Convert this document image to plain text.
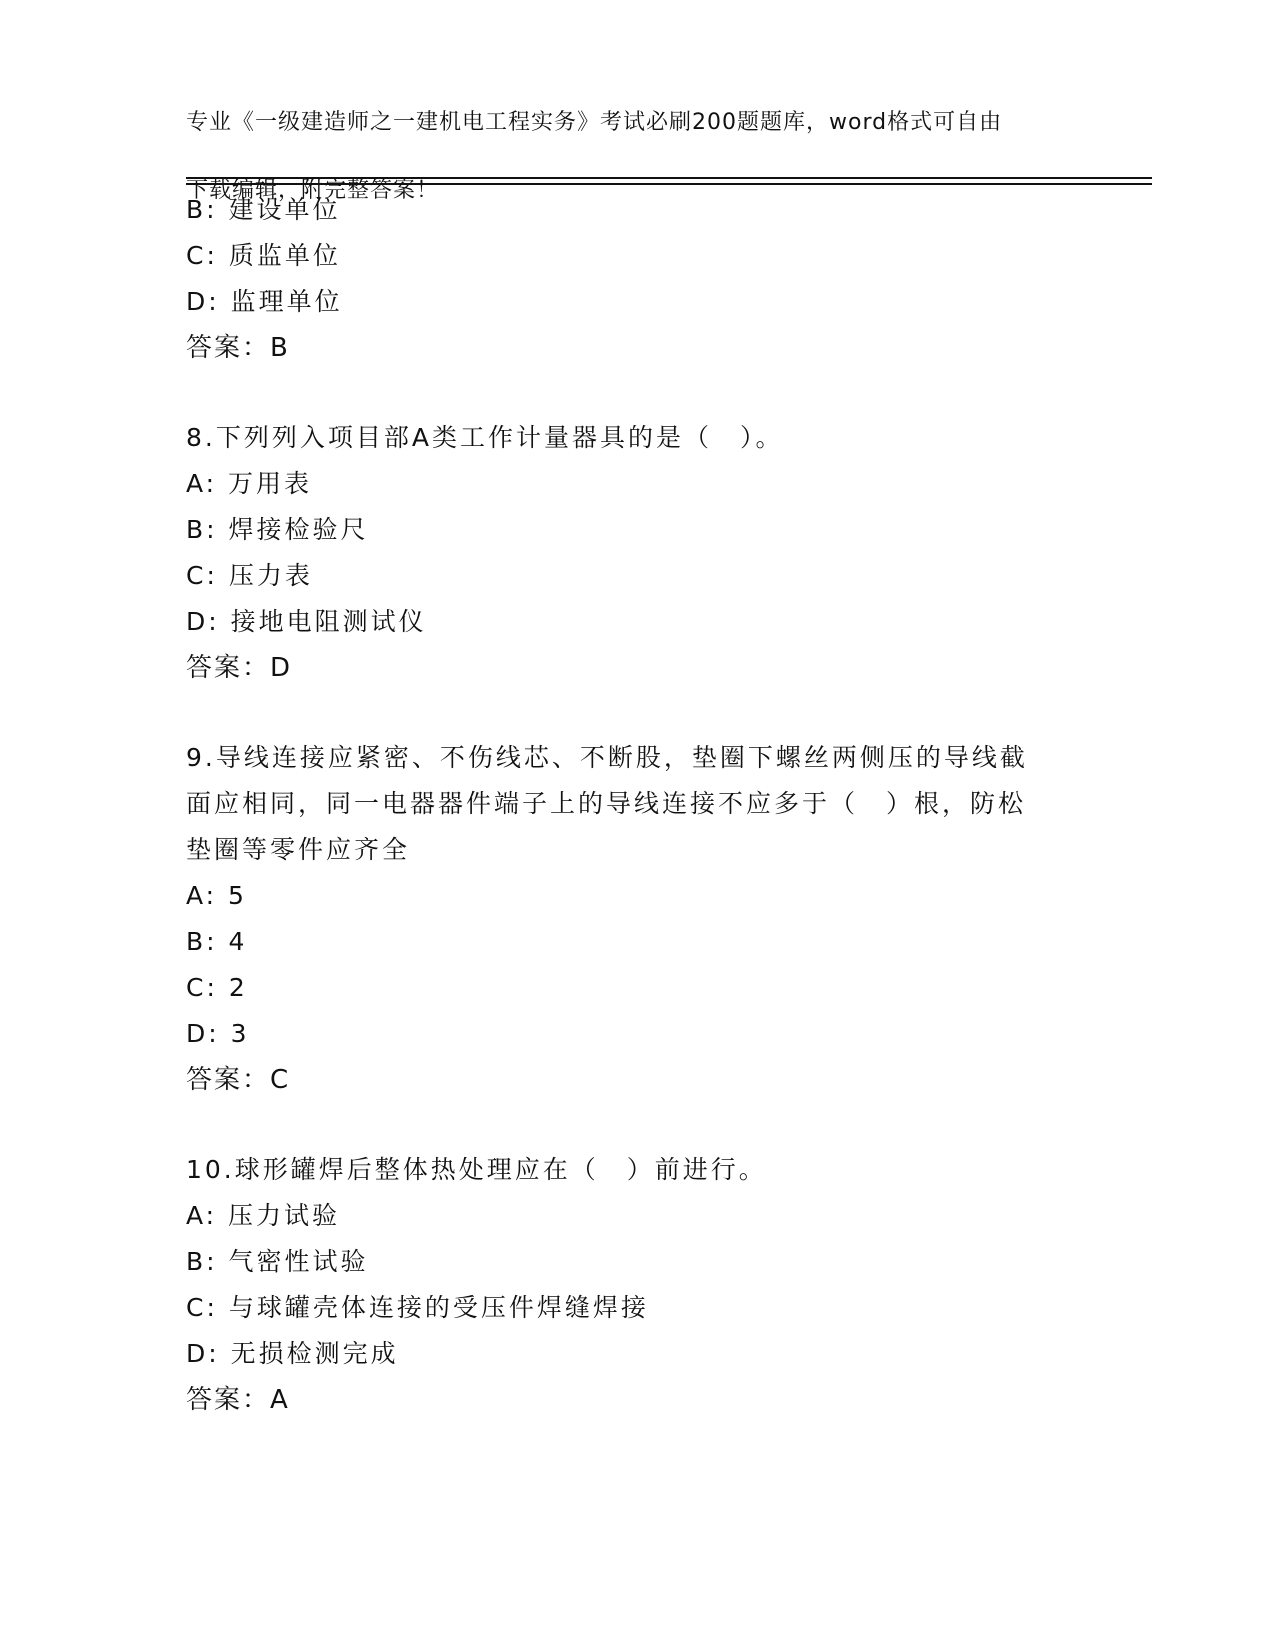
专业《一级建造师之一建机电工程实务》考试必刷200题题库，word格式可自由

下载编辑，附完整答案！

B: 建设单位
C: 质监单位
D: 监理单位
答案：B
8.下列列入项目部A类工作计量器具的是（　）。
A: 万用表
B: 焊接检验尺
C: 压力表
D: 接地电阻测试仪
答案：D
9.导线连接应紧密、不伤线芯、不断股，垫圈下螺丝两侧压的导线截
面应相同，同一电器器件端子上的导线连接不应多于（　）根，防松
垫圈等零件应齐全
A: 5
B: 4
C: 2
D: 3
答案：C
10.球形罐焊后整体热处理应在（　）前进行。
A: 压力试验
B: 气密性试验
C: 与球罐壳体连接的受压件焊缝焊接
D: 无损检测完成
答案：A
